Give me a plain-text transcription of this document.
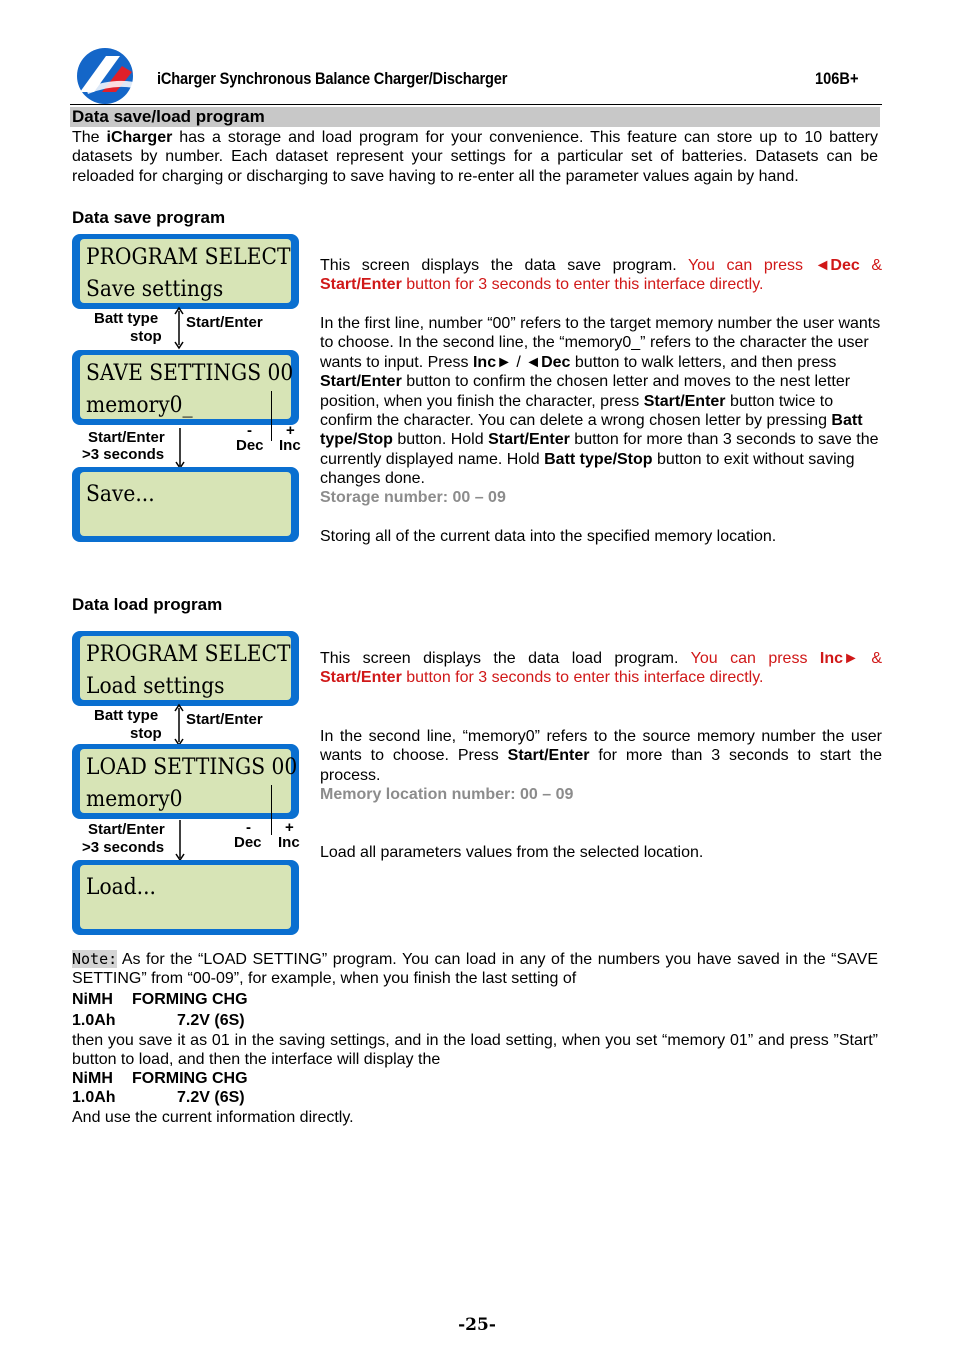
iCharger Synchronous Balance Charger/Discharger	106B+
Data save/load program
The iCharger has a storage and load program for your convenience. This feature can store up to 10 battery datasets by number. Each dataset represent your settings for a particular set of batteries. Datasets can be reloaded for charging or discharging to save having to re-enter all the parameter values again by hand.
Data save program
PROGRAM SELECT
Save settings
Batt type
stop
Start/Enter
SAVE SETTINGS 00
memory0_
Start/Enter
>3 seconds
-
Dec
+
Inc
Save...
This screen displays the data save program. You can press ◄Dec &
Start/Enter button for 3 seconds to enter this interface directly.
In the first line, number “00” refers to the target memory number the user wants to choose. In the second line, the “memory0_” refers to the character the user wants to input. Press Inc► / ◄Dec button to walk letters, and then press Start/Enter button to confirm the chosen letter and moves to the nest letter position, when you finish the character, press Start/Enter button twice to confirm the character. You can delete a wrong chosen letter by pressing Batt type/Stop button. Hold Start/Enter button for more than 3 seconds to save the currently displayed name. Hold Batt type/Stop button to exit without saving changes done.
Storage number: 00 – 09
Storing all of the current data into the specified memory location.
Data load program
PROGRAM SELECT
Load settings
Batt type
stop
Start/Enter
LOAD SETTINGS 00
memory0
Start/Enter
>3 seconds
-
Dec
+
Inc
Load...
This screen displays the data load program. You can press Inc► &
Start/Enter button for 3 seconds to enter this interface directly.
In the second line, “memory0” refers to the source memory number the user wants to choose. Press Start/Enter for more than 3 seconds to start the process.
Memory location number: 00 – 09
Load all parameters values from the selected location.
Note: As for the “LOAD SETTING” program. You can load in any of the numbers you have saved in the “SAVE SETTING” from “00-09”, for example, when you finish the last setting of
NiMH FORMING CHG
1.0Ah	7.2V (6S)
then you save it as 01 in the saving settings, and in the load setting, when you set “memory 01” and press ”Start” button to load, and then the interface will display the
NiMH FORMING CHG
1.0Ah	7.2V (6S)
And use the current information directly.
-25-
